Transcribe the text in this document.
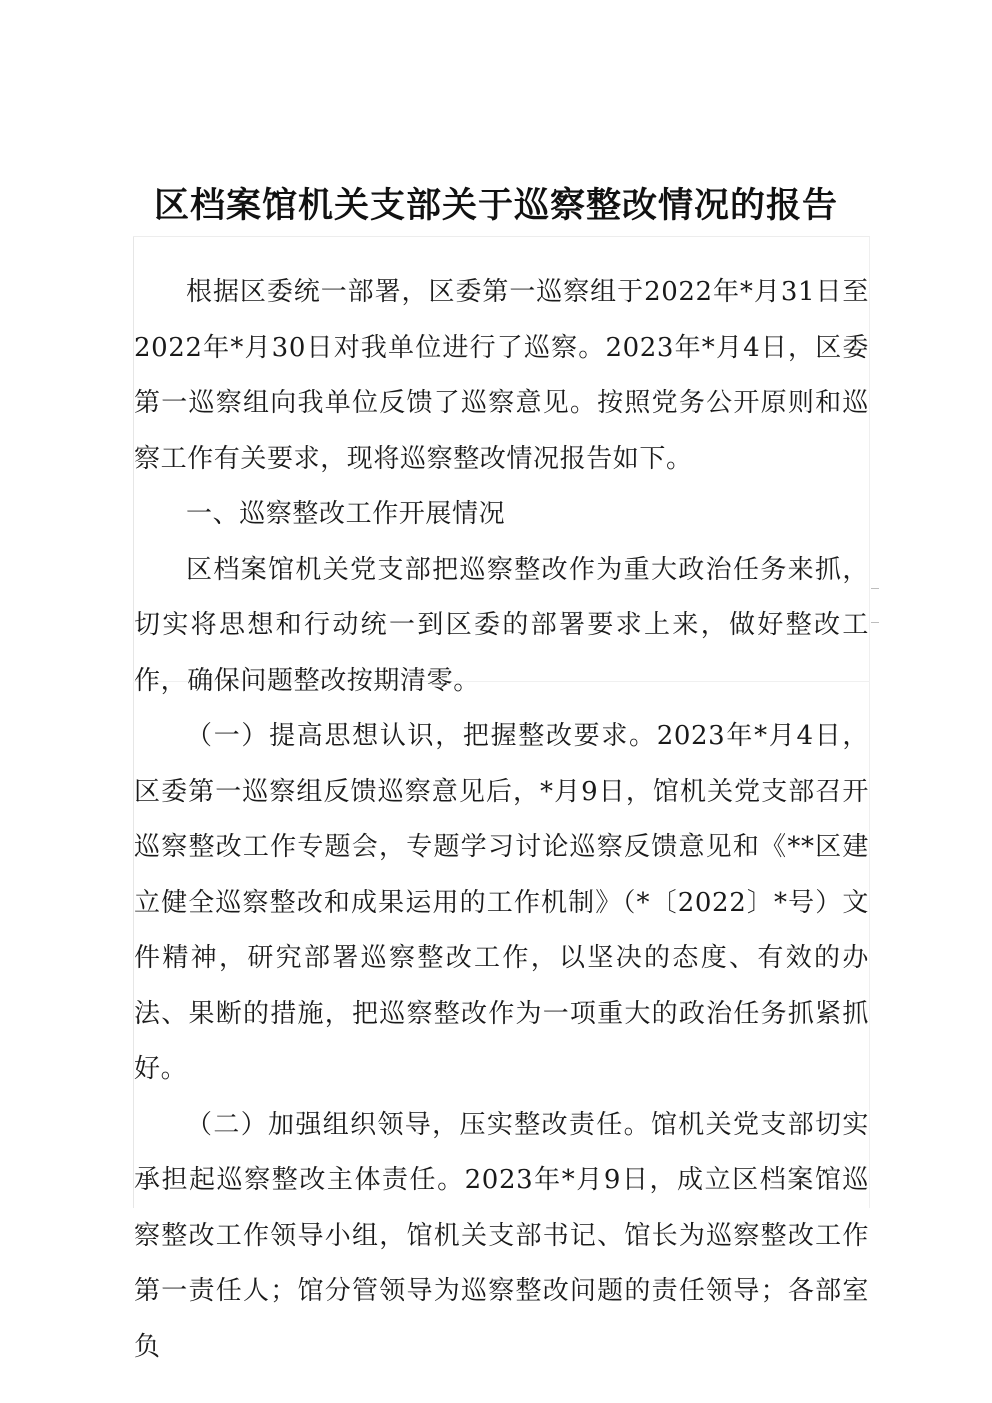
区档案馆机关支部关于巡察整改情况的报告

根据区委统一部署，区委第一巡察组于2022年*月31日至2022年*月30日对我单位进行了巡察。2023年*月4日，区委第一巡察组向我单位反馈了巡察意见。按照党务公开原则和巡察工作有关要求，现将巡察整改情况报告如下。

一、巡察整改工作开展情况

区档案馆机关党支部把巡察整改作为重大政治任务来抓，切实将思想和行动统一到区委的部署要求上来，做好整改工作，确保问题整改按期清零。

（一）提高思想认识，把握整改要求。2023年*月4日，区委第一巡察组反馈巡察意见后，*月9日，馆机关党支部召开巡察整改工作专题会，专题学习讨论巡察反馈意见和《**区建立健全巡察整改和成果运用的工作机制》（*〔2022〕*号）文件精神，研究部署巡察整改工作，以坚决的态度、有效的办法、果断的措施，把巡察整改作为一项重大的政治任务抓紧抓好。

（二）加强组织领导，压实整改责任。馆机关党支部切实承担起巡察整改主体责任。2023年*月9日，成立区档案馆巡察整改工作领导小组，馆机关支部书记、馆长为巡察整改工作第一责任人；馆分管领导为巡察整改问题的责任领导；各部室负
